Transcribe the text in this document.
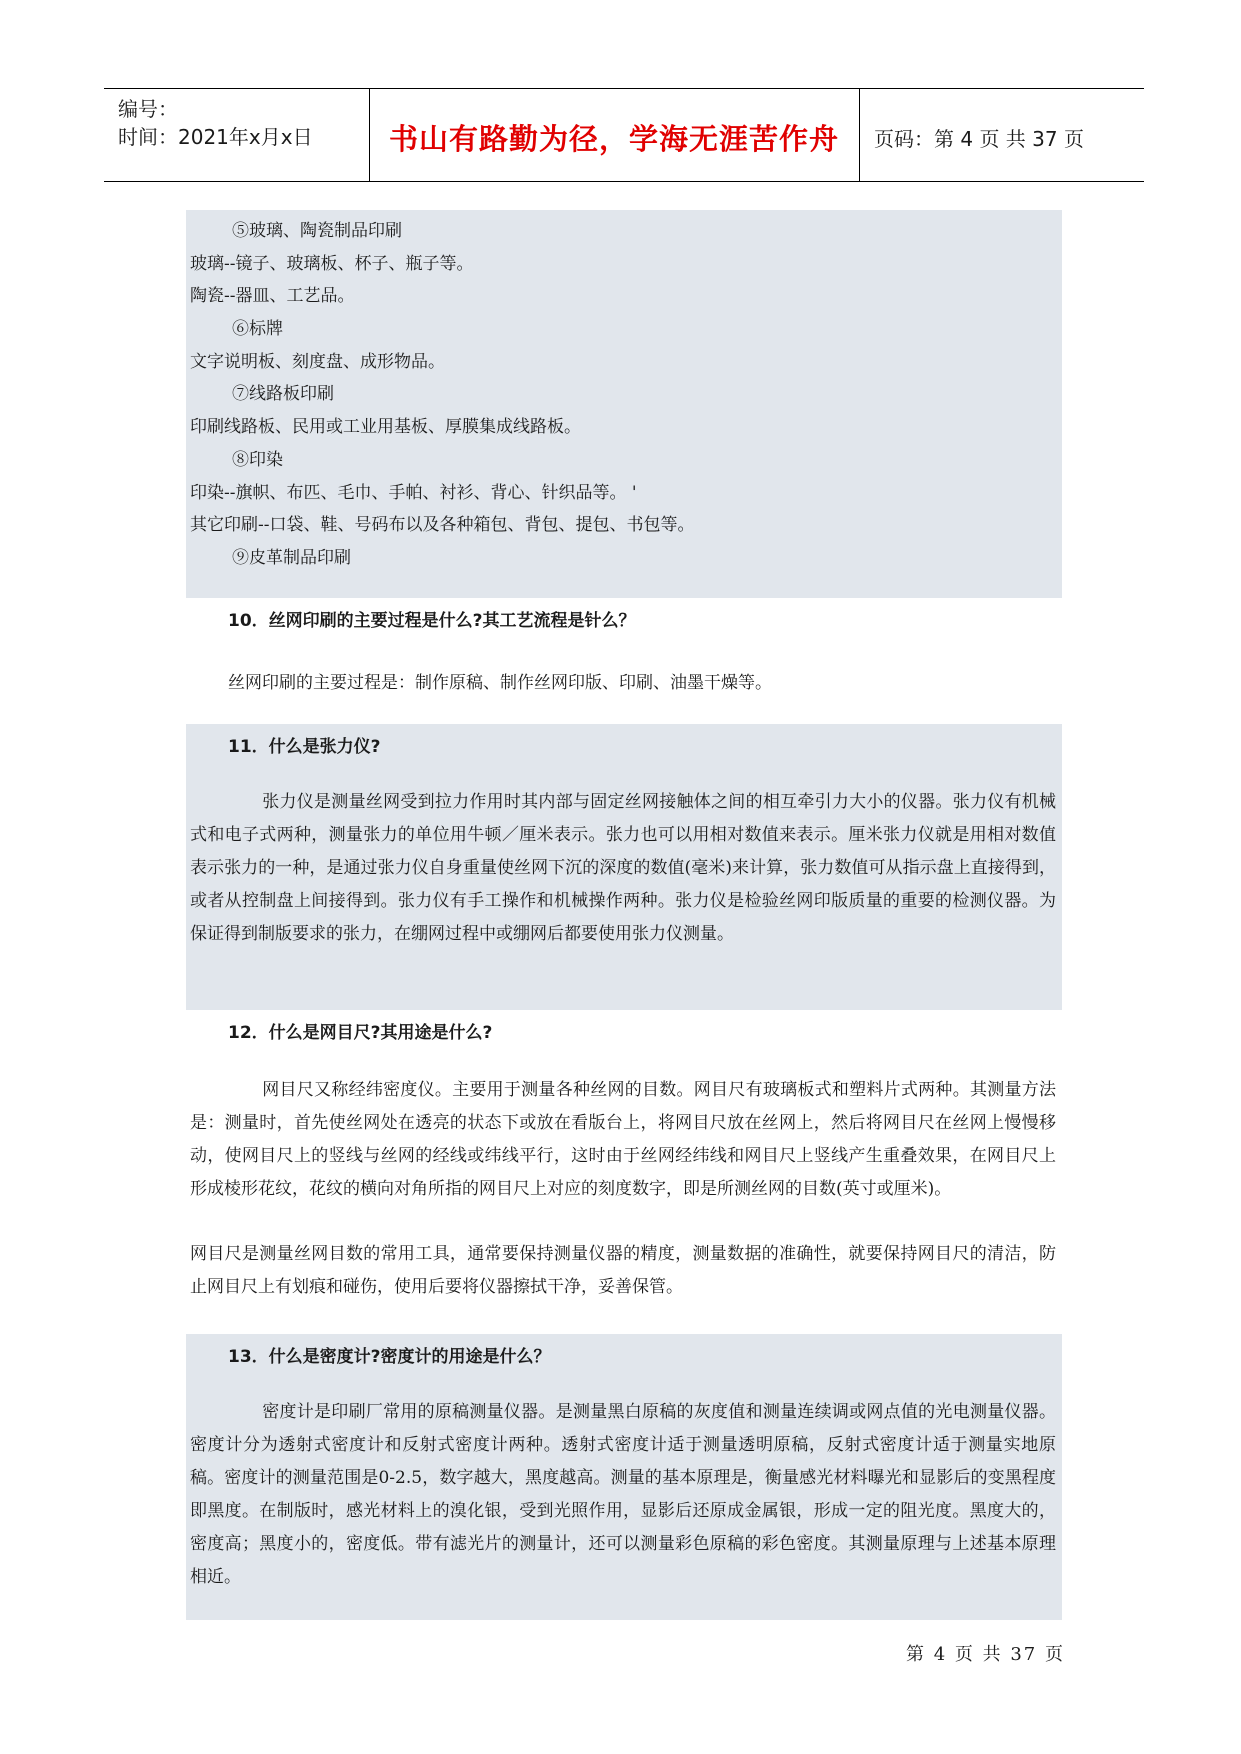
编号：
时间：2021年x月x日	书山有路勤为径，学海无涯苦作舟	页码：第 4 页 共 37 页
⑤玻璃、陶瓷制品印刷
玻璃--镜子、玻璃板、杯子、瓶子等。
陶瓷--器皿、工艺品。
⑥标牌
文字说明板、刻度盘、成形物品。
⑦线路板印刷
印刷线路板、民用或工业用基板、厚膜集成线路板。
⑧印染
印染--旗帜、布匹、毛巾、手帕、衬衫、背心、针织品等。 '
其它印刷--口袋、鞋、号码布以及各种箱包、背包、提包、书包等。
⑨皮革制品印刷
10．丝网印刷的主要过程是什么?其工艺流程是针么？
丝网印刷的主要过程是：制作原稿、制作丝网印版、印刷、油墨干燥等。
11．什么是张力仪?
张力仪是测量丝网受到拉力作用时其内部与固定丝网接触体之间的相互牵引力大小的仪器。张力仪有机械式和电子式两种，测量张力的单位用牛顿／厘米表示。张力也可以用相对数值来表示。厘米张力仪就是用相对数值表示张力的一种，是通过张力仪自身重量使丝网下沉的深度的数值(毫米)来计算，张力数值可从指示盘上直接得到，或者从控制盘上间接得到。张力仪有手工操作和机械操作两种。张力仪是检验丝网印版质量的重要的检测仪器。为保证得到制版要求的张力，在绷网过程中或绷网后都要使用张力仪测量。
12．什么是网目尺?其用途是什么?
网目尺又称经纬密度仪。主要用于测量各种丝网的目数。网目尺有玻璃板式和塑料片式两种。其测量方法是：测量时，首先使丝网处在透亮的状态下或放在看版台上，将网目尺放在丝网上，然后将网目尺在丝网上慢慢移动，使网目尺上的竖线与丝网的经线或纬线平行，这时由于丝网经纬线和网目尺上竖线产生重叠效果，在网目尺上形成棱形花纹，花纹的横向对角所指的网目尺上对应的刻度数字，即是所测丝网的目数(英寸或厘米)。
网目尺是测量丝网目数的常用工具，通常要保持测量仪器的精度，测量数据的准确性，就要保持网目尺的清洁，防止网目尺上有划痕和碰伤，使用后要将仪器擦拭干净，妥善保管。
13．什么是密度计?密度计的用途是什么？
密度计是印刷厂常用的原稿测量仪器。是测量黑白原稿的灰度值和测量连续调或网点值的光电测量仪器。密度计分为透射式密度计和反射式密度计两种。透射式密度计适于测量透明原稿，反射式密度计适于测量实地原稿。密度计的测量范围是0-2.5，数字越大，黑度越高。测量的基本原理是，衡量感光材料曝光和显影后的变黑程度即黑度。在制版时，感光材料上的溴化银，受到光照作用，显影后还原成金属银，形成一定的阻光度。黑度大的，密度高；黑度小的，密度低。带有滤光片的测量计，还可以测量彩色原稿的彩色密度。其测量原理与上述基本原理相近。
第 4 页 共 37 页
